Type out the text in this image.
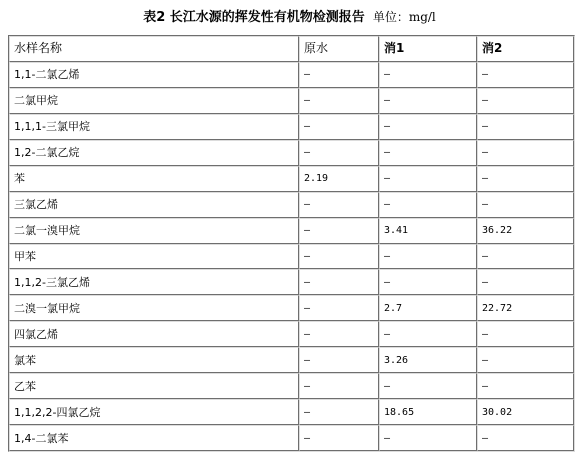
表2 长江水源的挥发性有机物检测报告 单位：mg/l
水样名称	原水	消1	消2
1,1-二氯乙烯	—	—	—
二氯甲烷	—	—	—
1,1,1-三氯甲烷	—	—	—
1,2-二氯乙烷	—	—	—
苯	2.19	—	—
三氯乙烯	—	—	—
二氯一溴甲烷	—	3.41	36.22
甲苯	—	—	—
1,1,2-三氯乙烯	—	—	—
二溴一氯甲烷	—	2.7	22.72
四氯乙烯	—	—	—
氯苯	—	3.26	—
乙苯	—	—	—
1,1,2,2-四氯乙烷	—	18.65	30.02
1,4-二氯苯	—	—	—
